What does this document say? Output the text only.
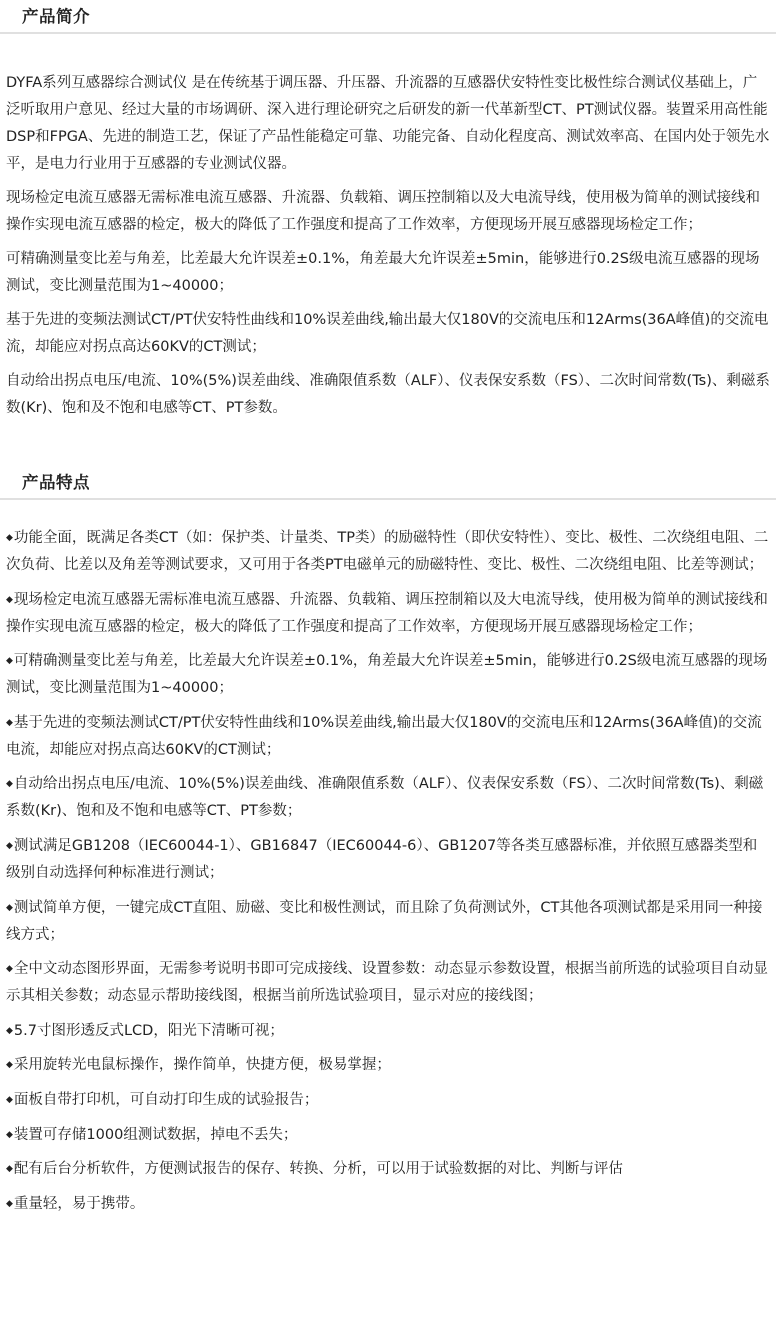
产品简介

DYFA系列互感器综合测试仪 是在传统基于调压器、升压器、升流器的互感器伏安特性变比极性综合测试仪基础上，广泛听取用户意见、经过大量的市场调研、深入进行理论研究之后研发的新一代革新型CT、PT测试仪器。装置采用高性能DSP和FPGA、先进的制造工艺，保证了产品性能稳定可靠、功能完备、自动化程度高、测试效率高、在国内处于领先水平，是电力行业用于互感器的专业测试仪器。

现场检定电流互感器无需标准电流互感器、升流器、负载箱、调压控制箱以及大电流导线，使用极为简单的测试接线和操作实现电流互感器的检定，极大的降低了工作强度和提高了工作效率，方便现场开展互感器现场检定工作；

可精确测量变比差与角差，比差最大允许误差±0.1%，角差最大允许误差±5min，能够进行0.2S级电流互感器的现场测试，变比测量范围为1~40000；

基于先进的变频法测试CT/PT伏安特性曲线和10%误差曲线,输出最大仅180V的交流电压和12Arms(36A峰值)的交流电流，却能应对拐点高达60KV的CT测试；

自动给出拐点电压/电流、10%(5%)误差曲线、准确限值系数（ALF）、仪表保安系数（FS）、二次时间常数(Ts)、剩磁系数(Kr)、饱和及不饱和电感等CT、PT参数。

产品特点

◆功能全面，既满足各类CT（如：保护类、计量类、TP类）的励磁特性（即伏安特性）、变比、极性、二次绕组电阻、二次负荷、比差以及角差等测试要求，又可用于各类PT电磁单元的励磁特性、变比、极性、二次绕组电阻、比差等测试；

◆现场检定电流互感器无需标准电流互感器、升流器、负载箱、调压控制箱以及大电流导线，使用极为简单的测试接线和操作实现电流互感器的检定，极大的降低了工作强度和提高了工作效率，方便现场开展互感器现场检定工作；

◆可精确测量变比差与角差，比差最大允许误差±0.1%，角差最大允许误差±5min，能够进行0.2S级电流互感器的现场测试，变比测量范围为1~40000；

◆基于先进的变频法测试CT/PT伏安特性曲线和10%误差曲线,输出最大仅180V的交流电压和12Arms(36A峰值)的交流电流，却能应对拐点高达60KV的CT测试；

◆自动给出拐点电压/电流、10%(5%)误差曲线、准确限值系数（ALF）、仪表保安系数（FS）、二次时间常数(Ts)、剩磁系数(Kr)、饱和及不饱和电感等CT、PT参数；

◆测试满足GB1208（IEC60044-1）、GB16847（IEC60044-6）、GB1207等各类互感器标准，并依照互感器类型和级别自动选择何种标准进行测试；

◆测试简单方便，一键完成CT直阻、励磁、变比和极性测试，而且除了负荷测试外，CT其他各项测试都是采用同一种接线方式；

◆全中文动态图形界面，无需参考说明书即可完成接线、设置参数：动态显示参数设置，根据当前所选的试验项目自动显示其相关参数；动态显示帮助接线图，根据当前所选试验项目，显示对应的接线图；

◆5.7寸图形透反式LCD，阳光下清晰可视；

◆采用旋转光电鼠标操作，操作简单，快捷方便，极易掌握；

◆面板自带打印机，可自动打印生成的试验报告；

◆装置可存储1000组测试数据，掉电不丢失；

◆配有后台分析软件，方便测试报告的保存、转换、分析，可以用于试验数据的对比、判断与评估

◆重量轻，易于携带。
